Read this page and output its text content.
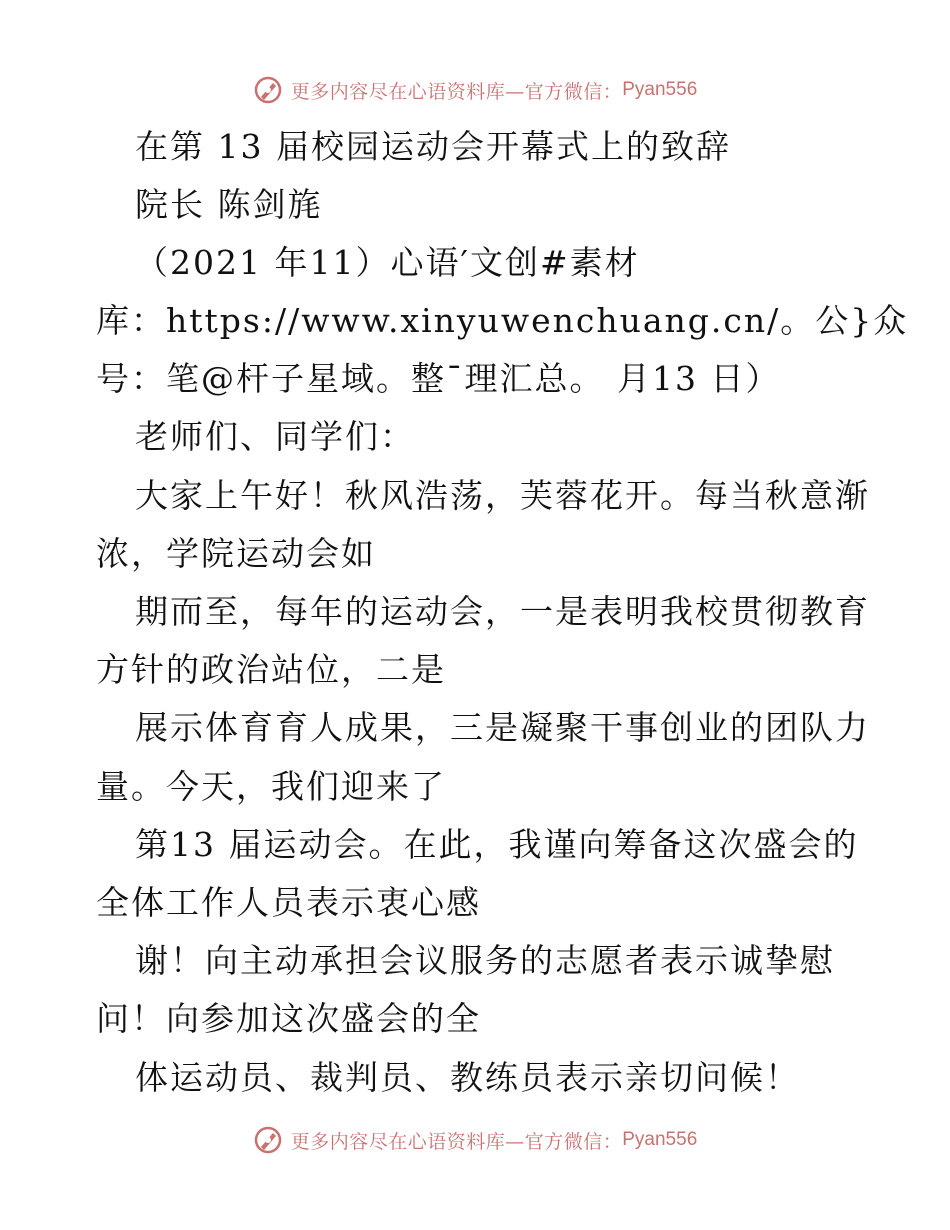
更多内容尽在心语资料库—官方微信： Pyan556
在第 13 届校园运动会开幕式上的致辞
院长 陈剑旄
（2021 年11）心语′文创#素材
库：https://www.xinyuwenchuang.cn/。公}众
号：笔@杆子星域。整¯理汇总。 月13 日）
老师们、同学们：
大家上午好！秋风浩荡，芙蓉花开。每当秋意渐
浓，学院运动会如
期而至，每年的运动会，一是表明我校贯彻教育
方针的政治站位，二是
展示体育育人成果，三是凝聚干事创业的团队力
量。今天，我们迎来了
第13 届运动会。在此，我谨向筹备这次盛会的
全体工作人员表示衷心感
谢！向主动承担会议服务的志愿者表示诚挚慰
问！向参加这次盛会的全
体运动员、裁判员、教练员表示亲切问候！
更多内容尽在心语资料库—官方微信： Pyan556
